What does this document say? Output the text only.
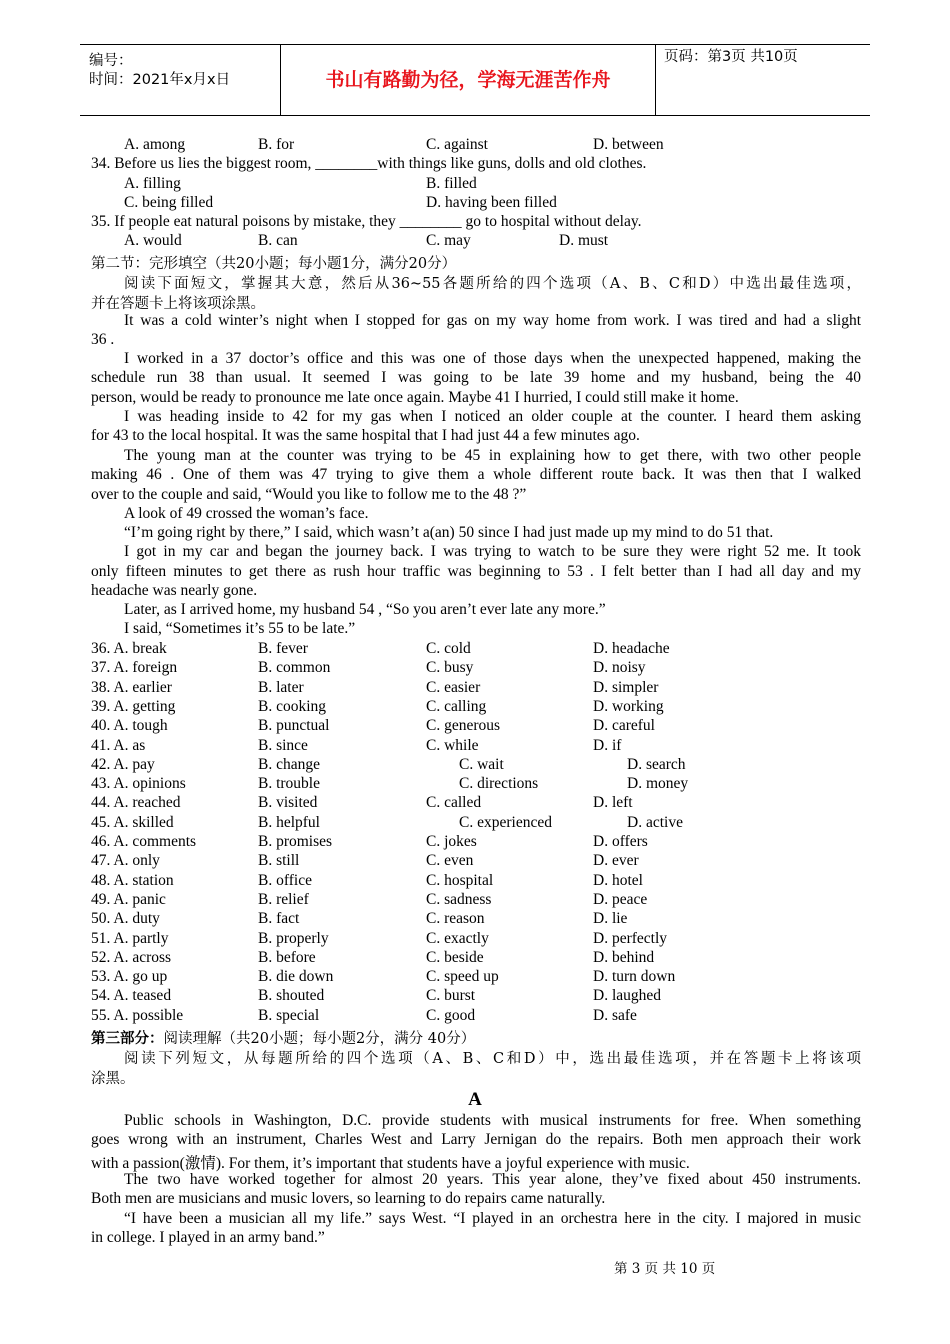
编号：
时间：2021年x月x日	书山有路勤为径，学海无涯苦作舟
页码：第3页 共10页
A. among	B. for	C. against	D. between
34. Before us lies the biggest room, ________with things like guns, dolls and old clothes.
A. filling	B. filled
C. being filled	D. having been filled
35. If people eat natural poisons by mistake, they ________ go to hospital without delay.
A. would	B. can	C. may	D. must
第二节：完形填空（共20小题；每小题1分，满分20分）
阅读下面短文，掌握其大意，然后从36~55各题所给的四个选项（A、B、C和D）中选出最佳选项，
并在答题卡上将该项涂黑。
It was a cold winter’s night when I stopped for gas on my way home from work. I was tired and had a slight
36 .
I worked in a 37 doctor’s office and this was one of those days when the unexpected happened, making the
schedule run 38 than usual. It seemed I was going to be late 39 home and my husband, being the 40
person, would be ready to pronounce me late once again. Maybe 41 I hurried, I could still make it home.
I was heading inside to 42 for my gas when I noticed an older couple at the counter. I heard them asking
for 43 to the local hospital. It was the same hospital that I had just 44 a few minutes ago.
The young man at the counter was trying to be 45 in explaining how to get there, with two other people
making 46 . One of them was 47 trying to give them a whole different route back. It was then that I walked
over to the couple and said, “Would you like to follow me to the 48 ?”
A look of 49 crossed the woman’s face.
“I’m going right by there,” I said, which wasn’t a(an) 50 since I had just made up my mind to do 51 that.
I got in my car and began the journey back. I was trying to watch to be sure they were right 52 me. It took
only fifteen minutes to get there as rush hour traffic was beginning to 53 . I felt better than I had all day and my
headache was nearly gone.
Later, as I arrived home, my husband 54 , “So you aren’t ever late any more.”
I said, “Sometimes it’s 55 to be late.”
36. A. break	B. fever	C. cold	D. headache
37. A. foreign	B. common	C. busy	D. noisy
38. A. earlier	B. later	C. easier	D. simpler
39. A. getting	B. cooking	C. calling	D. working
40. A. tough	B. punctual	C. generous	D. careful
41. A. as	B. since	C. while	D. if
42. A. pay	B. change	C. wait	D. search
43. A. opinions	B. trouble	C. directions	D. money
44. A. reached	B. visited	C. called	D. left
45. A. skilled	B. helpful	C. experienced	D. active
46. A. comments	B. promises	C. jokes	D. offers
47. A. only	B. still	C. even	D. ever
48. A. station	B. office	C. hospital	D. hotel
49. A. panic	B. relief	C. sadness	D. peace
50. A. duty	B. fact	C. reason	D. lie
51. A. partly	B. properly	C. exactly	D. perfectly
52. A. across	B. before	C. beside	D. behind
53. A. go up	B. die down	C. speed up	D. turn down
54. A. teased	B. shouted	C. burst	D. laughed
55. A. possible	B. special	C. good	D. safe
第三部分：阅读理解（共20小题；每小题2分，满分 40分）
阅读下列短文，从每题所给的四个选项（A、B、C和D）中，选出最佳选项，并在答题卡上将该项
涂黑。
A
Public schools in Washington, D.C. provide students with musical instruments for free. When something
goes wrong with an instrument, Charles West and Larry Jernigan do the repairs. Both men approach their work
with a passion(激情). For them, it’s important that students have a joyful experience with music.
The two have worked together for almost 20 years. This year alone, they’ve fixed about 450 instruments.
Both men are musicians and music lovers, so learning to do repairs came naturally.
“I have been a musician all my life.” says West. “I played in an orchestra here in the city. I majored in music
in college. I played in an army band.”
第 3 页 共 10 页
